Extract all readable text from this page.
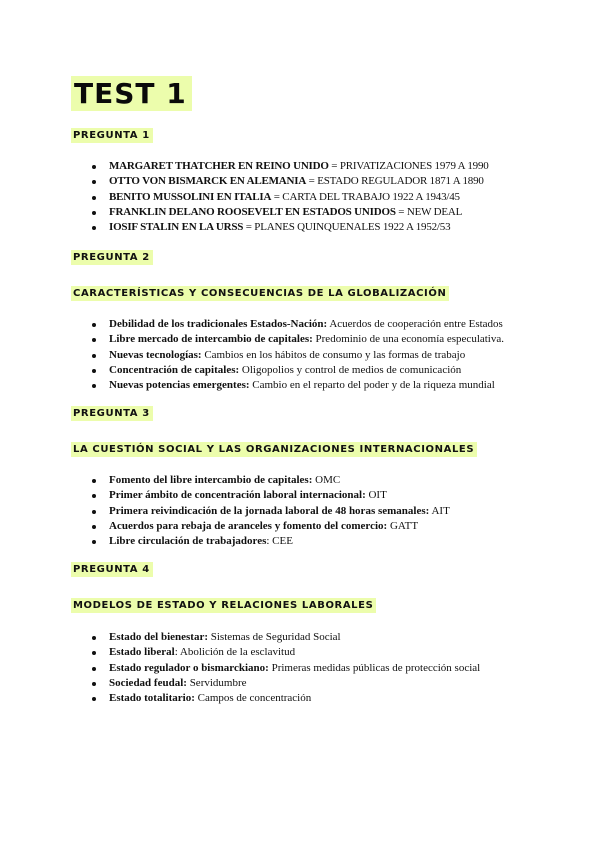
TEST 1
PREGUNTA 1
MARGARET THATCHER EN REINO UNIDO = PRIVATIZACIONES 1979 A 1990
OTTO VON BISMARCK EN ALEMANIA = ESTADO REGULADOR 1871 A 1890
BENITO MUSSOLINI EN ITALIA = CARTA DEL TRABAJO 1922 A 1943/45
FRANKLIN DELANO ROOSEVELT EN ESTADOS UNIDOS = NEW DEAL
IOSIF STALIN EN LA URSS = PLANES QUINQUENALES 1922 A 1952/53
PREGUNTA 2
CARACTERÍSTICAS Y CONSECUENCIAS DE LA GLOBALIZACIÓN
Debilidad de los tradicionales Estados-Nación: Acuerdos de cooperación entre Estados
Libre mercado de intercambio de capitales: Predominio de una economía especulativa.
Nuevas tecnologías: Cambios en los hábitos de consumo y las formas de trabajo
Concentración de capitales: Oligopolios y control de medios de comunicación
Nuevas potencias emergentes: Cambio en el reparto del poder y de la riqueza mundial
PREGUNTA 3
LA CUESTIÓN SOCIAL Y LAS ORGANIZACIONES INTERNACIONALES
Fomento del libre intercambio de capitales: OMC
Primer ámbito de concentración laboral internacional: OIT
Primera reivindicación de la jornada laboral de 48 horas semanales: AIT
Acuerdos para rebaja de aranceles y fomento del comercio: GATT
Libre circulación de trabajadores: CEE
PREGUNTA 4
MODELOS DE ESTADO Y RELACIONES LABORALES
Estado del bienestar: Sistemas de Seguridad Social
Estado liberal: Abolición de la esclavitud
Estado regulador o bismarckiano: Primeras medidas públicas de protección social
Sociedad feudal: Servidumbre
Estado totalitario: Campos de concentración
